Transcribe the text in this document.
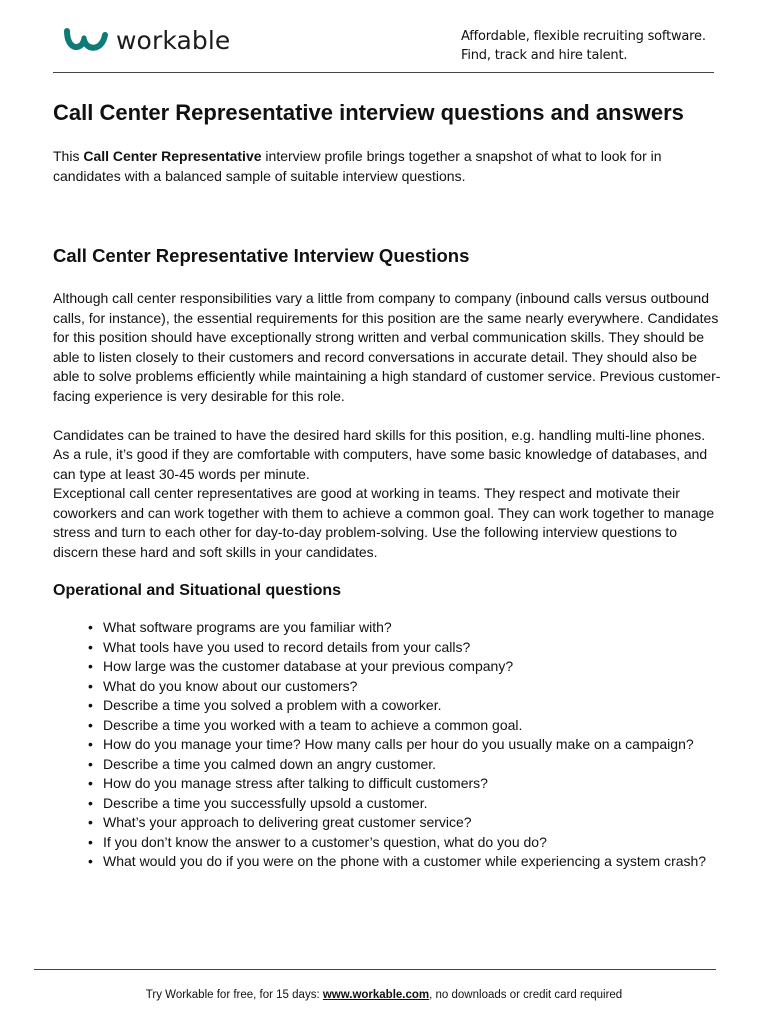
workable	Affordable, flexible recruiting software.
Find, track and hire talent.
Call Center Representative interview questions and answers

This Call Center Representative interview profile brings together a snapshot of what to look for in candidates with a balanced sample of suitable interview questions.

Call Center Representative Interview Questions

Although call center responsibilities vary a little from company to company (inbound calls versus outbound calls, for instance), the essential requirements for this position are the same nearly everywhere. Candidates for this position should have exceptionally strong written and verbal communication skills. They should be able to listen closely to their customers and record conversations in accurate detail. They should also be able to solve problems efficiently while maintaining a high standard of customer service. Previous customer-facing experience is very desirable for this role.

Candidates can be trained to have the desired hard skills for this position, e.g. handling multi-line phones. As a rule, it’s good if they are comfortable with computers, have some basic knowledge of databases, and can type at least 30-45 words per minute.

Exceptional call center representatives are good at working in teams. They respect and motivate their coworkers and can work together with them to achieve a common goal. They can work together to manage stress and turn to each other for day-to-day problem-solving. Use the following interview questions to discern these hard and soft skills in your candidates.

Operational and Situational questions
• What software programs are you familiar with?
• What tools have you used to record details from your calls?
• How large was the customer database at your previous company?
• What do you know about our customers?
• Describe a time you solved a problem with a coworker.
• Describe a time you worked with a team to achieve a common goal.
• How do you manage your time? How many calls per hour do you usually make on a campaign?
• Describe a time you calmed down an angry customer.
• How do you manage stress after talking to difficult customers?
• Describe a time you successfully upsold a customer.
• What’s your approach to delivering great customer service?
• If you don’t know the answer to a customer’s question, what do you do?
• What would you do if you were on the phone with a customer while experiencing a system crash?
Try Workable for free, for 15 days: www.workable.com, no downloads or credit card required
